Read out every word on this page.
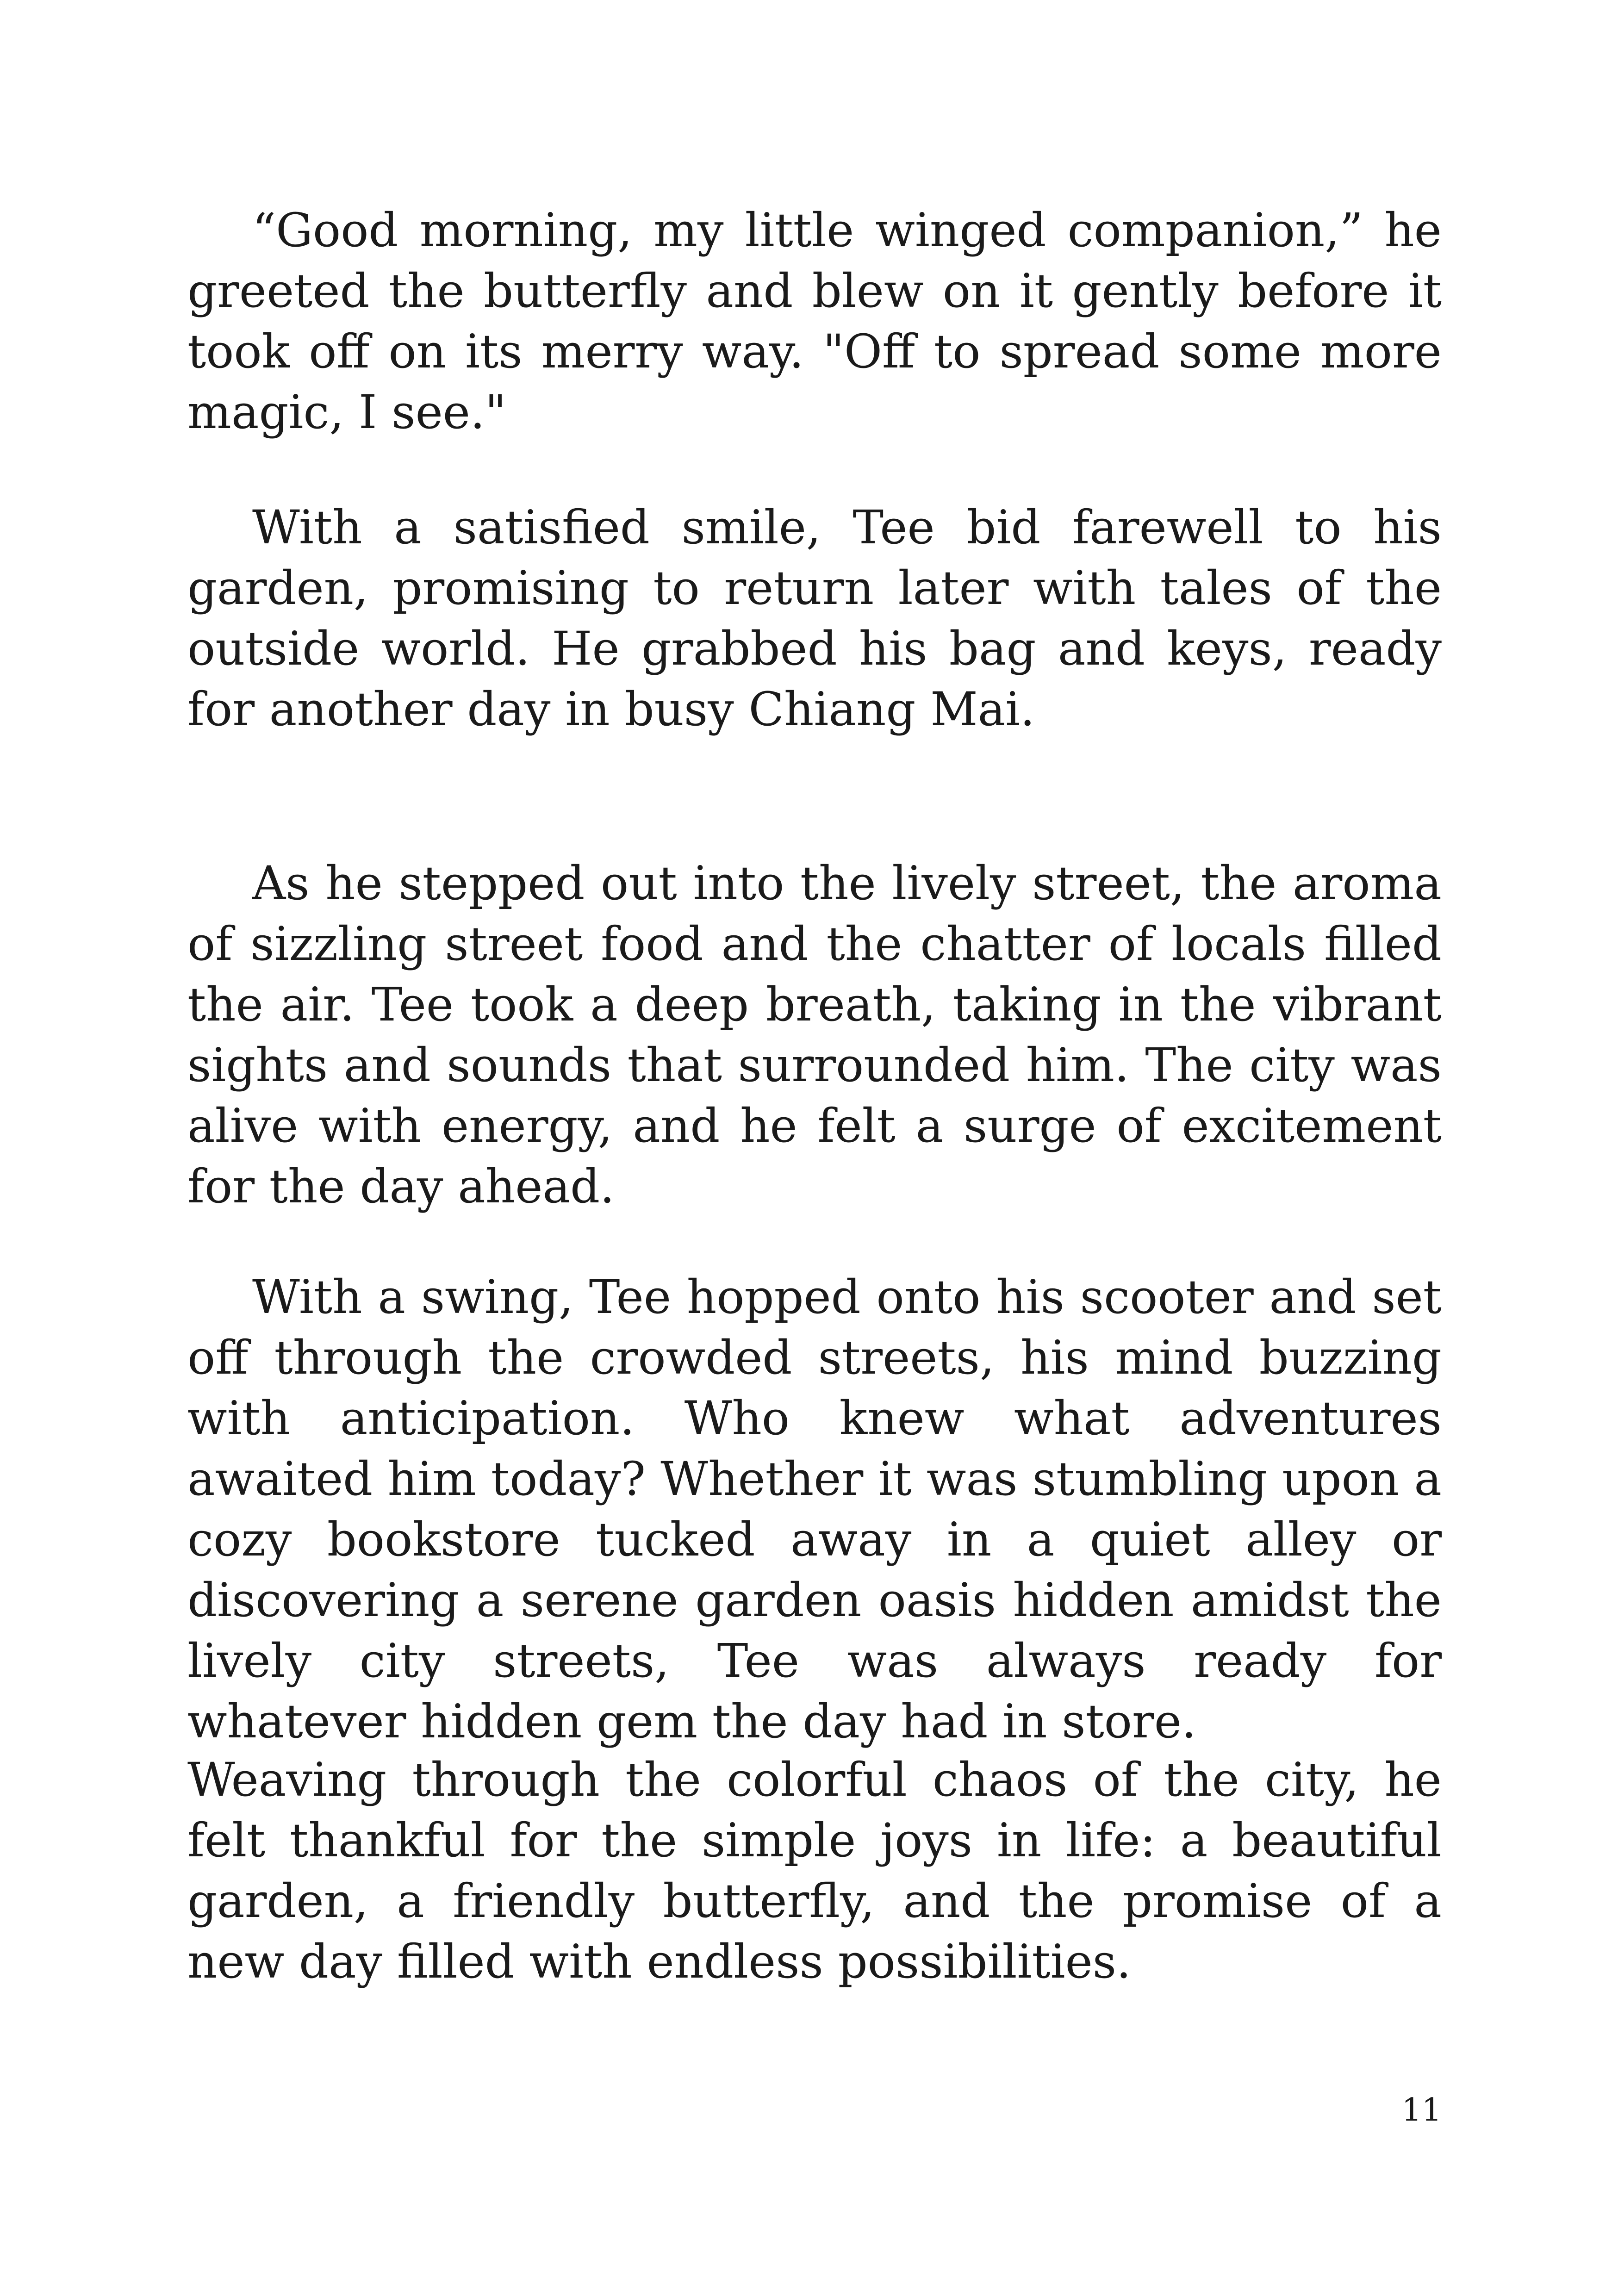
“Good morning, my little winged companion,” he greeted the butterfly and blew on it gently before it took off on its merry way. "Off to spread some more magic, I see."

With a satisfied smile, Tee bid farewell to his garden, promising to return later with tales of the outside world. He grabbed his bag and keys, ready for another day in busy Chiang Mai.

As he stepped out into the lively street, the aroma of sizzling street food and the chatter of locals filled the air. Tee took a deep breath, taking in the vibrant sights and sounds that surrounded him. The city was alive with energy, and he felt a surge of excitement for the day ahead.

With a swing, Tee hopped onto his scooter and set off through the crowded streets, his mind buzzing with anticipation. Who knew what adventures awaited him today? Whether it was stumbling upon a cozy bookstore tucked away in a quiet alley or discovering a serene garden oasis hidden amidst the lively city streets, Tee was always ready for whatever hidden gem the day had in store.

Weaving through the colorful chaos of the city, he felt thankful for the simple joys in life: a beautiful garden, a friendly butterfly, and the promise of a new day filled with endless possibilities.

11
